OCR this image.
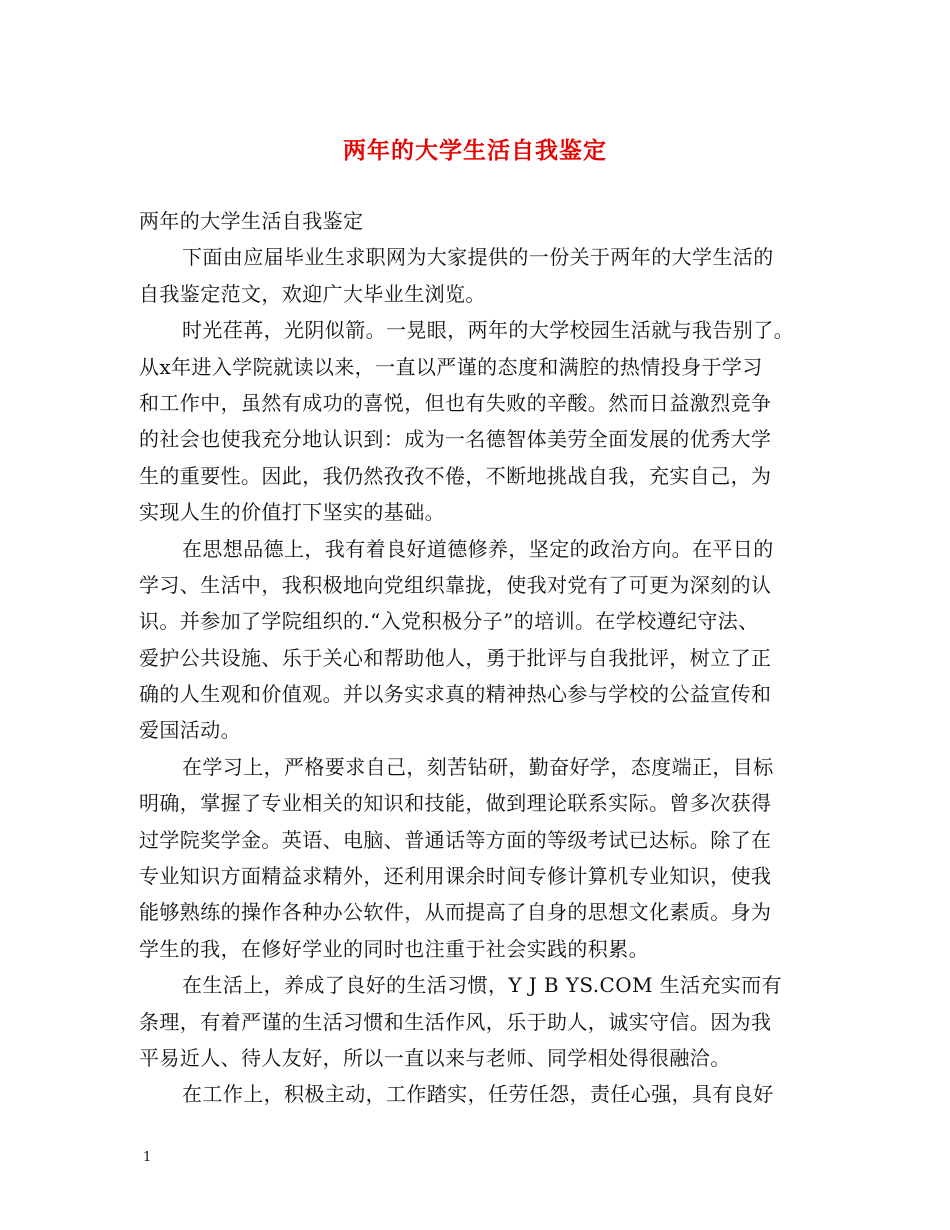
两年的大学生活自我鉴定
两年的大学生活自我鉴定
下面由应届毕业生求职网为大家提供的一份关于两年的大学生活的
自我鉴定范文，欢迎广大毕业生浏览。
时光荏苒，光阴似箭。一晃眼，两年的大学校园生活就与我告别了。
从x年进入学院就读以来，一直以严谨的态度和满腔的热情投身于学习
和工作中，虽然有成功的喜悦，但也有失败的辛酸。然而日益激烈竞争
的社会也使我充分地认识到：成为一名德智体美劳全面发展的优秀大学
生的重要性。因此，我仍然孜孜不倦，不断地挑战自我，充实自己，为
实现人生的价值打下坚实的基础。
在思想品德上，我有着良好道德修养，坚定的政治方向。在平日的
学习、生活中，我积极地向党组织靠拢，使我对党有了可更为深刻的认
识。并参加了学院组织的.“入党积极分子”的培训。在学校遵纪守法、
爱护公共设施、乐于关心和帮助他人，勇于批评与自我批评，树立了正
确的人生观和价值观。并以务实求真的精神热心参与学校的公益宣传和
爱国活动。
在学习上，严格要求自己，刻苦钻研，勤奋好学，态度端正，目标
明确，掌握了专业相关的知识和技能，做到理论联系实际。曾多次获得
过学院奖学金。英语、电脑、普通话等方面的等级考试已达标。除了在
专业知识方面精益求精外，还利用课余时间专修计算机专业知识，使我
能够熟练的操作各种办公软件，从而提高了自身的思想文化素质。身为
学生的我，在修好学业的同时也注重于社会实践的积累。
在生活上，养成了良好的生活习惯，Y J B YS.COM 生活充实而有
条理，有着严谨的生活习惯和生活作风，乐于助人，诚实守信。因为我
平易近人、待人友好，所以一直以来与老师、同学相处得很融洽。
在工作上，积极主动，工作踏实，任劳任怨，责任心强，具有良好
1
